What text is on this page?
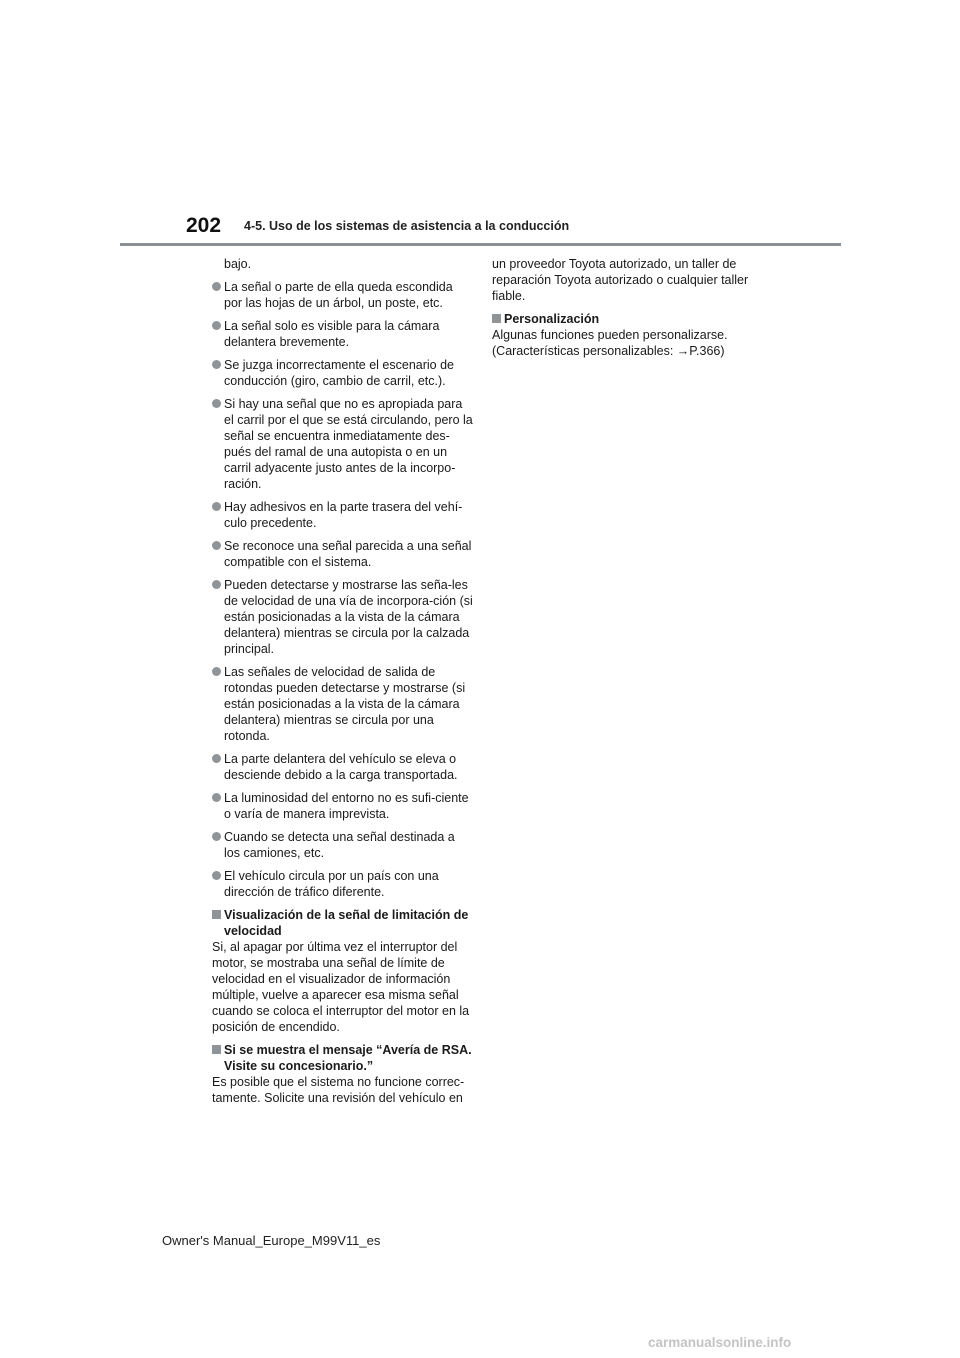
202 4-5. Uso de los sistemas de asistencia a la conducción

bajo.

La señal o parte de ella queda escondida por las hojas de un árbol, un poste, etc.
La señal solo es visible para la cámara delantera brevemente.
Se juzga incorrectamente el escenario de conducción (giro, cambio de carril, etc.).
Si hay una señal que no es apropiada para el carril por el que se está circulando, pero la señal se encuentra inmediatamente des-pués del ramal de una autopista o en un carril adyacente justo antes de la incorpo-ración.
Hay adhesivos en la parte trasera del vehí-culo precedente.
Se reconoce una señal parecida a una señal compatible con el sistema.
Pueden detectarse y mostrarse las seña-les de velocidad de una vía de incorpora-ción (si están posicionadas a la vista de la cámara delantera) mientras se circula por la calzada principal.
Las señales de velocidad de salida de rotondas pueden detectarse y mostrarse (si están posicionadas a la vista de la cámara delantera) mientras se circula por una rotonda.
La parte delantera del vehículo se eleva o desciende debido a la carga transportada.
La luminosidad del entorno no es sufi-ciente o varía de manera imprevista.
Cuando se detecta una señal destinada a los camiones, etc.
El vehículo circula por un país con una dirección de tráfico diferente.
Visualización de la señal de limitación de velocidad

Si, al apagar por última vez el interruptor del motor, se mostraba una señal de límite de velocidad en el visualizador de información múltiple, vuelve a aparecer esa misma señal cuando se coloca el interruptor del motor en la posición de encendido.

Si se muestra el mensaje “Avería de RSA. Visite su concesionario.”

Es posible que el sistema no funcione correc-tamente. Solicite una revisión del vehículo en

un proveedor Toyota autorizado, un taller de reparación Toyota autorizado o cualquier taller fiable.

Personalización

Algunas funciones pueden personalizarse. (Características personalizables: →P.366)

Owner's Manual_Europe_M99V11_es
carmanualsonline.info
